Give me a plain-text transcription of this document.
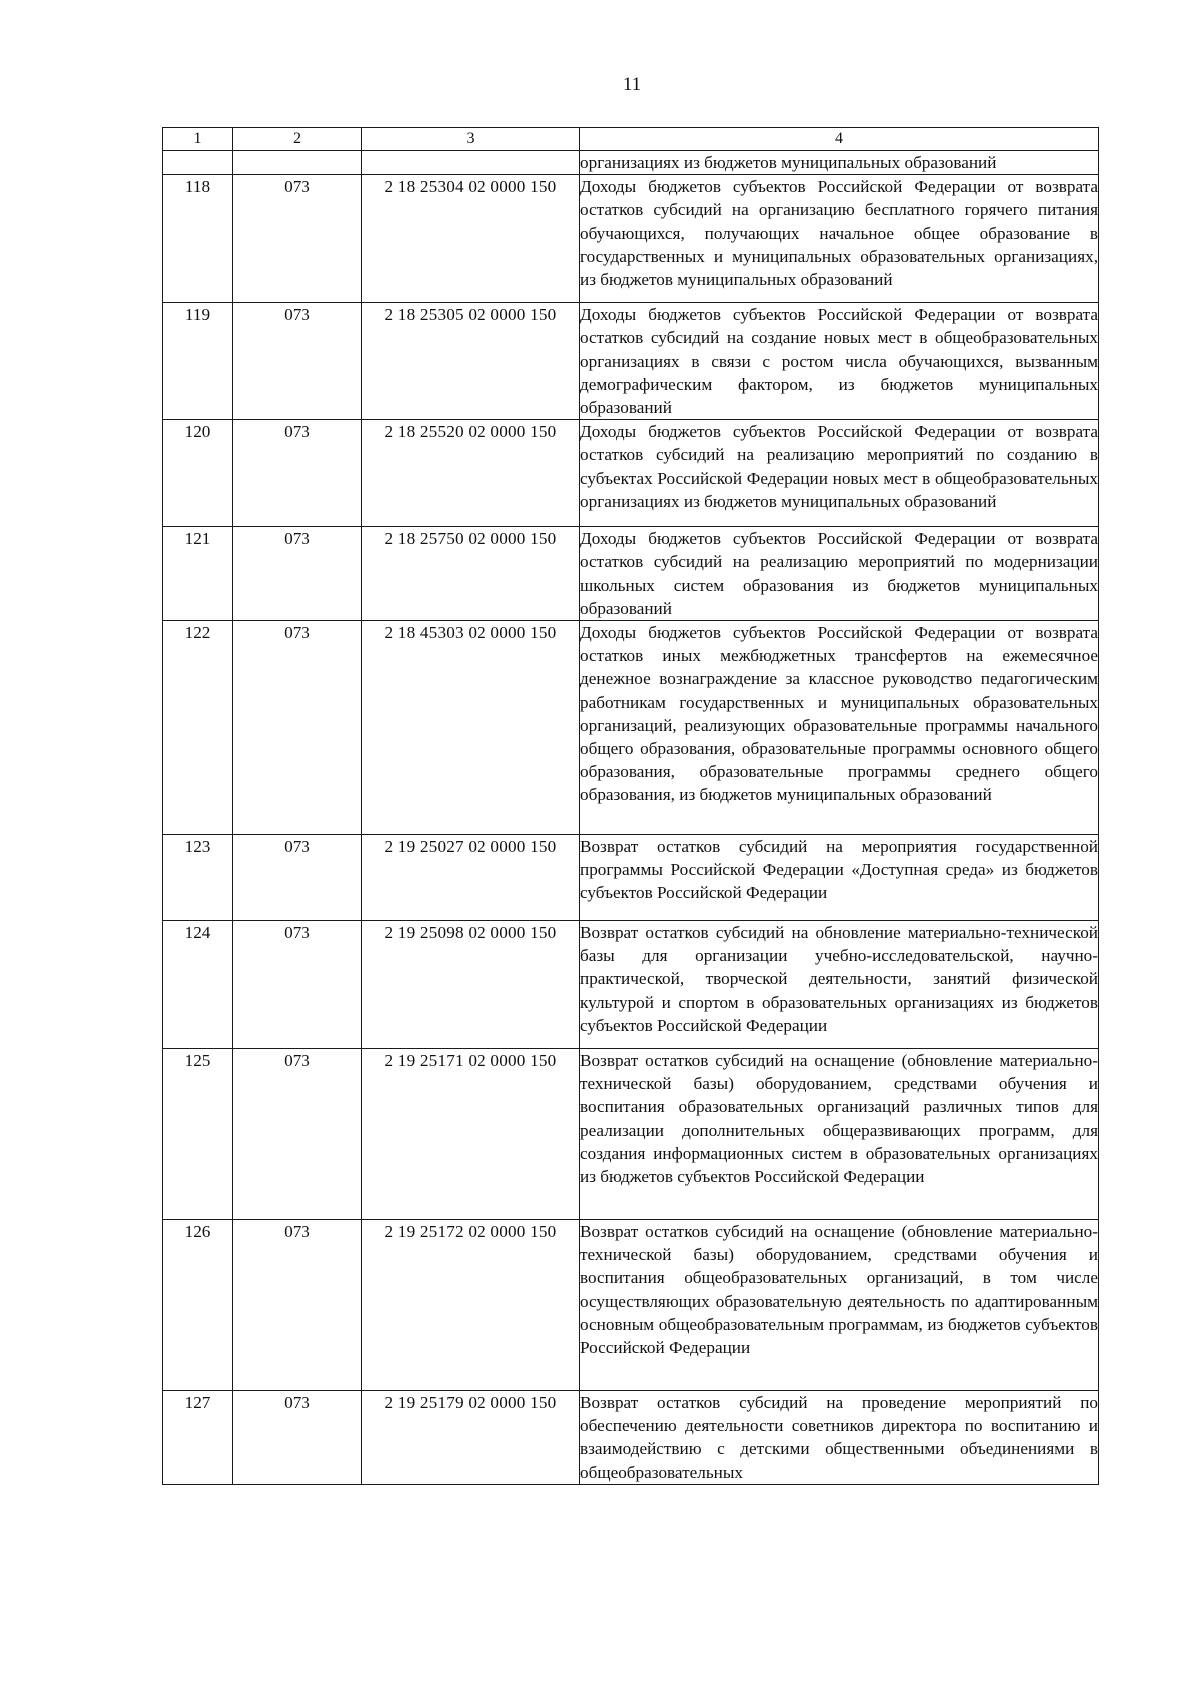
11
1	2	3	4
			организациях из бюджетов муниципальных образований
118	073	2 18 25304 02 0000 150	Доходы бюджетов субъектов Российской Федерации от возврата остатков субсидий на организацию бесплатного горячего питания обучающихся, получающих начальное общее образование в государственных и муниципальных образовательных организациях, из бюджетов муниципальных образований
119	073	2 18 25305 02 0000 150	Доходы бюджетов субъектов Российской Федерации от возврата остатков субсидий на создание новых мест в общеобразовательных организациях в связи с ростом числа обучающихся, вызванным демографическим фактором, из бюджетов муниципальных образований
120	073	2 18 25520 02 0000 150	Доходы бюджетов субъектов Российской Федерации от возврата остатков субсидий на реализацию мероприятий по созданию в субъектах Российской Федерации новых мест в общеобразовательных организациях из бюджетов муниципальных образований
121	073	2 18 25750 02 0000 150	Доходы бюджетов субъектов Российской Федерации от возврата остатков субсидий на реализацию мероприятий по модернизации школьных систем образования из бюджетов муниципальных образований
122	073	2 18 45303 02 0000 150	Доходы бюджетов субъектов Российской Федерации от возврата остатков иных межбюджетных трансфертов на ежемесячное денежное вознаграждение за классное руководство педагогическим работникам государственных и муниципальных образовательных организаций, реализующих образовательные программы начального общего образования, образовательные программы основного общего образования, образовательные программы среднего общего образования, из бюджетов муниципальных образований
123	073	2 19 25027 02 0000 150	Возврат остатков субсидий на мероприятия государственной программы Российской Федерации «Доступная среда» из бюджетов субъектов Российской Федерации
124	073	2 19 25098 02 0000 150	Возврат остатков субсидий на обновление материально-технической базы для организации учебно-исследовательской, научно-практической, творческой деятельности, занятий физической культурой и спортом в образовательных организациях из бюджетов субъектов Российской Федерации
125	073	2 19 25171 02 0000 150	Возврат остатков субсидий на оснащение (обновление материально-технической базы) оборудованием, средствами обучения и воспитания образовательных организаций различных типов для реализации дополнительных общеразвивающих программ, для создания информационных систем в образовательных организациях из бюджетов субъектов Российской Федерации
126	073	2 19 25172 02 0000 150	Возврат остатков субсидий на оснащение (обновление материально-технической базы) оборудованием, средствами обучения и воспитания общеобразовательных организаций, в том числе осуществляющих образовательную деятельность по адаптированным основным общеобразовательным программам, из бюджетов субъектов Российской Федерации
127	073	2 19 25179 02 0000 150	Возврат остатков субсидий на проведение мероприятий по обеспечению деятельности советников директора по воспитанию и взаимодействию с детскими общественными объединениями в общеобразовательных
